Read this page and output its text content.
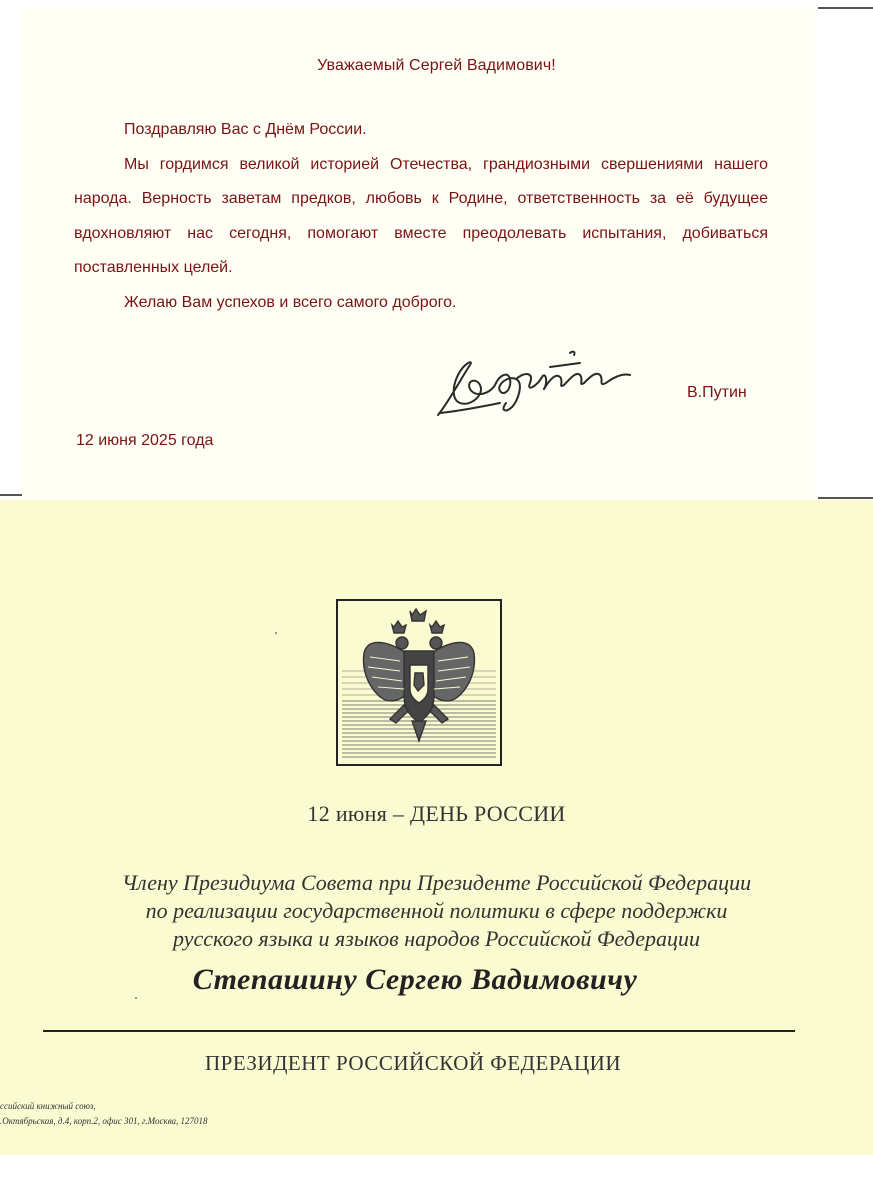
Уважаемый Сергей Вадимович!

Поздравляю Вас с Днём России.

Мы гордимся великой историей Отечества, грандиозными свершениями нашего народа. Верность заветам предков, любовь к Родине, ответственность за её будущее вдохновляют нас сегодня, помогают вместе преодолевать испытания, добиваться поставленных целей.

Желаю Вам успехов и всего самого доброго.

В.Путин
12 июня 2025 года
12 июня – ДЕНЬ РОССИИ
Члену Президиума Совета при Президенте Российской Федерации
по реализации государственной политики в сфере поддержки
русского языка и языков народов Российской Федерации
Степашину Сергею Вадимовичу
ПРЕЗИДЕНТ РОССИЙСКОЙ ФЕДЕРАЦИИ
ссийский книжный союз,
.Октябрьская, д.4, корп.2, офис 301, г.Москва, 127018
